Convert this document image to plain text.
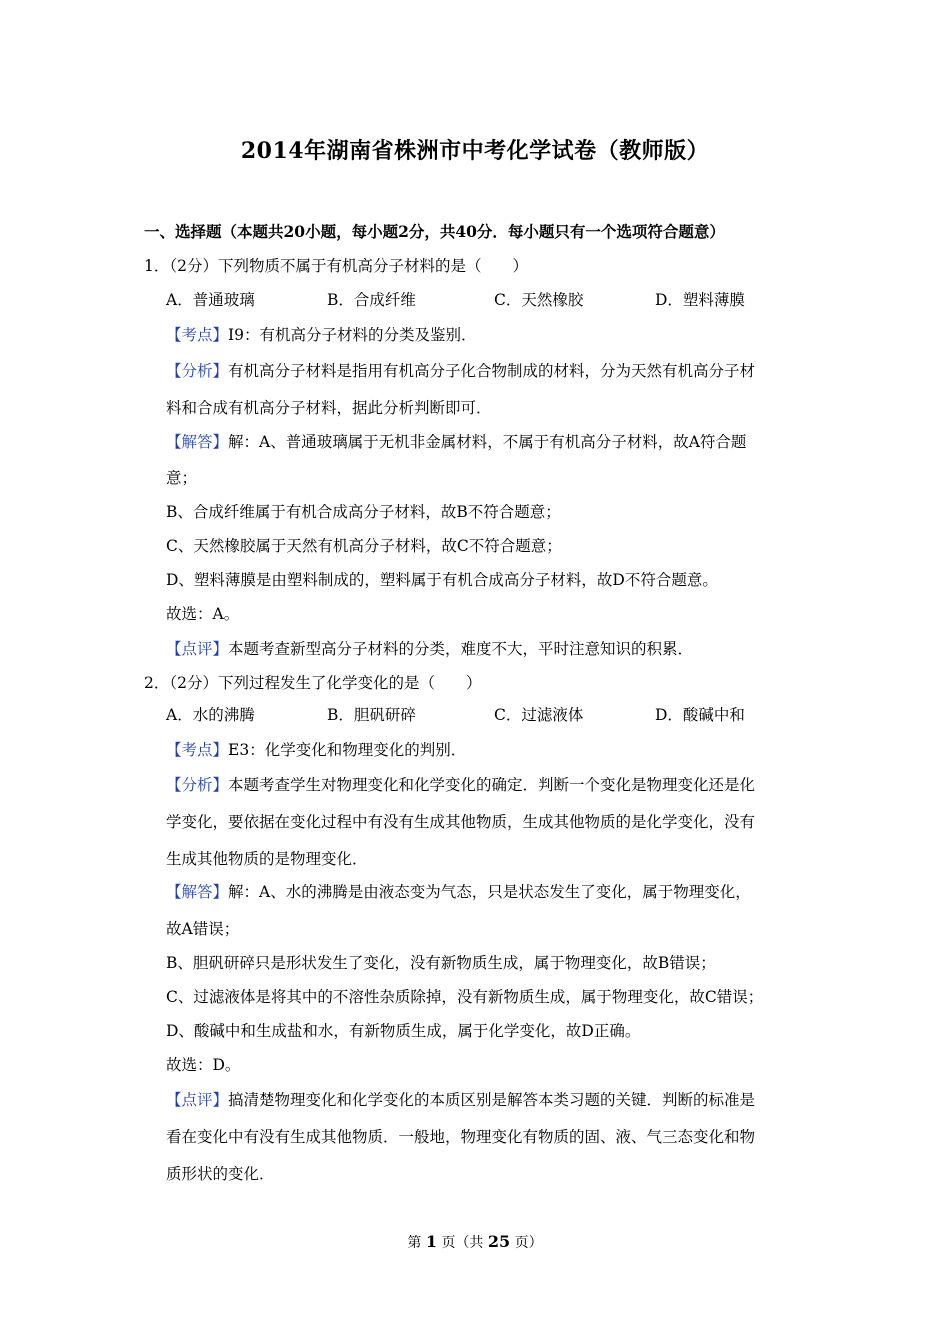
2014年湖南省株洲市中考化学试卷（教师版）
一、选择题（本题共20小题，每小题2分，共40分．每小题只有一个选项符合题意）
1．（2分）下列物质不属于有机高分子材料的是（　　）
A．普通玻璃	B．合成纤维	C．天然橡胶	D．塑料薄膜
【考点】I9：有机高分子材料的分类及鉴别．
【分析】有机高分子材料是指用有机高分子化合物制成的材料，分为天然有机高分子材
料和合成有机高分子材料，据此分析判断即可．
【解答】解：A、普通玻璃属于无机非金属材料，不属于有机高分子材料，故A符合题
意；
B、合成纤维属于有机合成高分子材料，故B不符合题意；
C、天然橡胶属于天然有机高分子材料，故C不符合题意；
D、塑料薄膜是由塑料制成的，塑料属于有机合成高分子材料，故D不符合题意。
故选：A。
【点评】本题考查新型高分子材料的分类，难度不大，平时注意知识的积累．
2．（2分）下列过程发生了化学变化的是（　　）
A．水的沸腾	B．胆矾研碎	C．过滤液体	D．酸碱中和
【考点】E3：化学变化和物理变化的判别．
【分析】本题考查学生对物理变化和化学变化的确定．判断一个变化是物理变化还是化
学变化，要依据在变化过程中有没有生成其他物质，生成其他物质的是化学变化，没有
生成其他物质的是物理变化．
【解答】解：A、水的沸腾是由液态变为气态，只是状态发生了变化，属于物理变化，
故A错误；
B、胆矾研碎只是形状发生了变化，没有新物质生成，属于物理变化，故B错误；
C、过滤液体是将其中的不溶性杂质除掉，没有新物质生成，属于物理变化，故C错误；
D、酸碱中和生成盐和水，有新物质生成，属于化学变化，故D正确。
故选：D。
【点评】搞清楚物理变化和化学变化的本质区别是解答本类习题的关键．判断的标准是
看在变化中有没有生成其他物质．一般地，物理变化有物质的固、液、气三态变化和物
质形状的变化．
第 1 页（共 25 页）
